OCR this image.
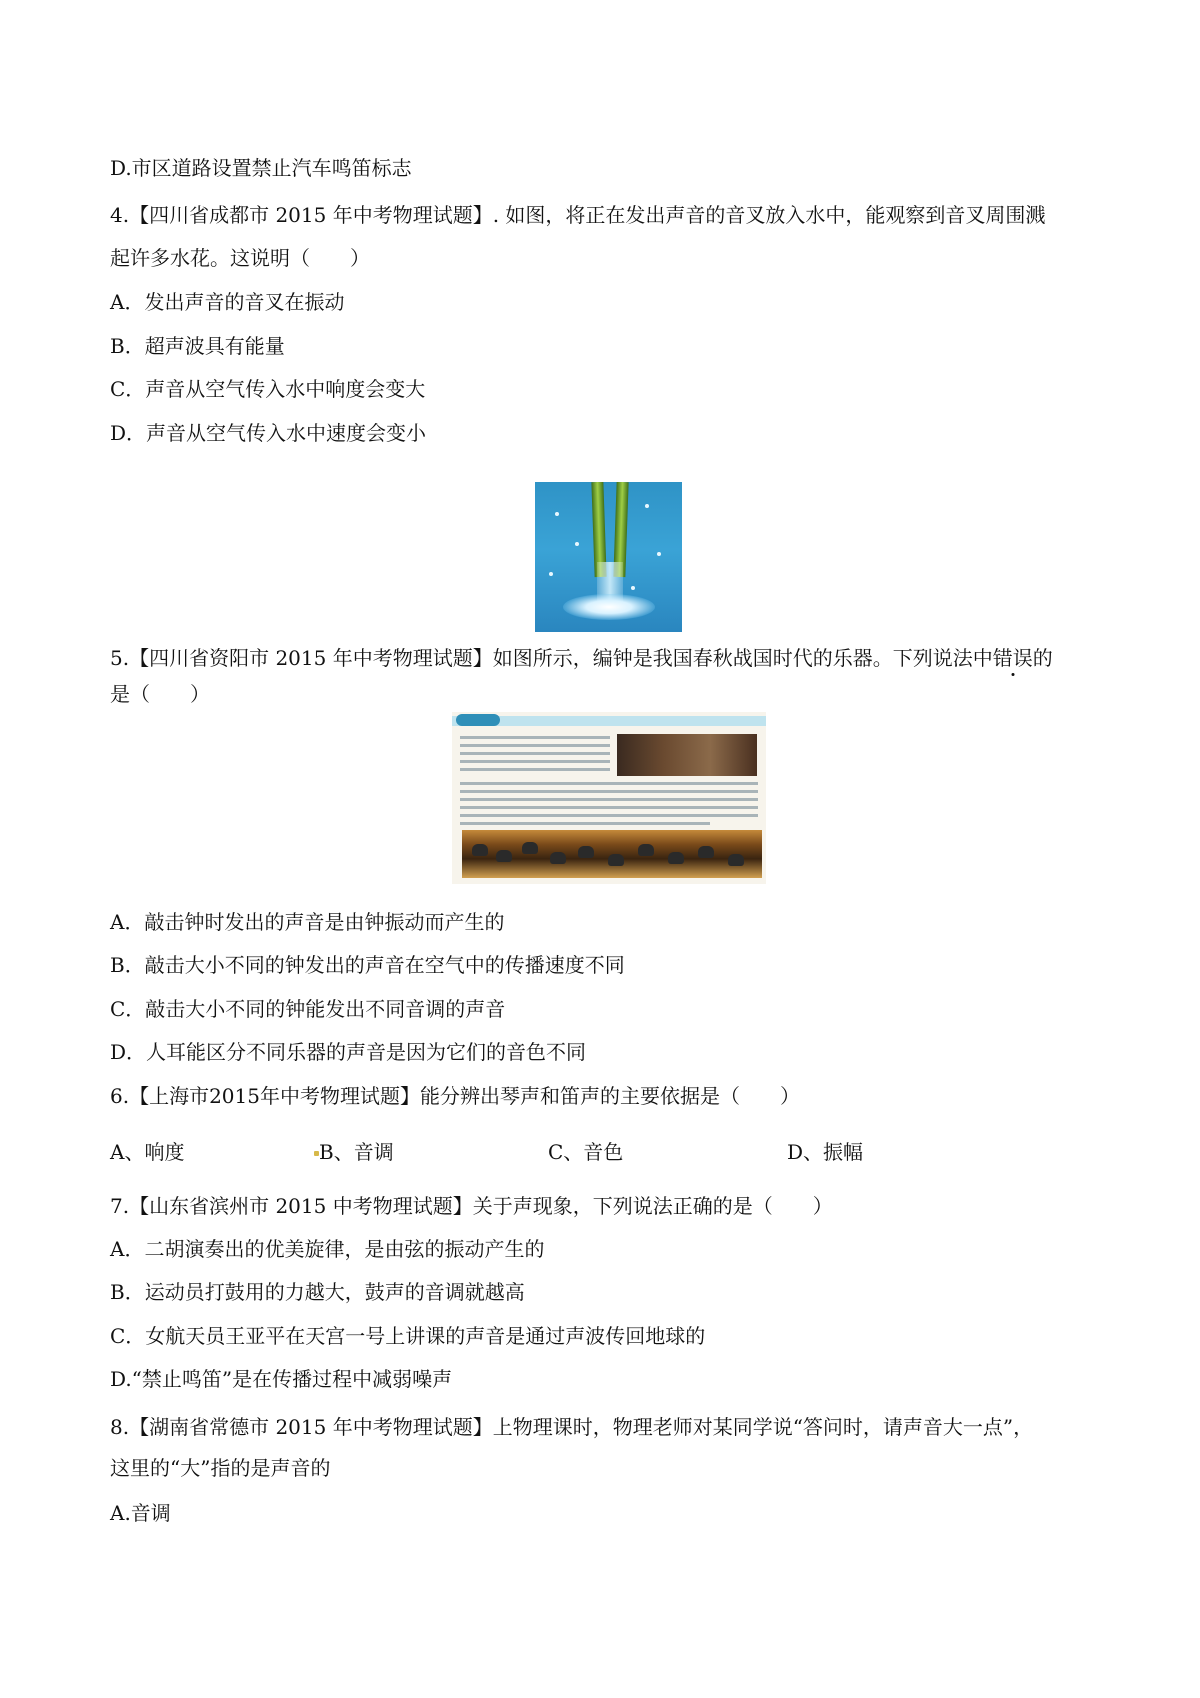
D.市区道路设置禁止汽车鸣笛标志
4.【四川省成都市 2015 年中考物理试题】. 如图，将正在发出声音的音叉放入水中，能观察到音叉周围溅
起许多水花。这说明（　　）
A．发出声音的音叉在振动
B．超声波具有能量
C．声音从空气传入水中响度会变大
D．声音从空气传入水中速度会变小
5.【四川省资阳市 2015 年中考物理试题】如图所示，编钟是我国春秋战国时代的乐器。下列说法中错误的
是（　　）
A．敲击钟时发出的声音是由钟振动而产生的
B．敲击大小不同的钟发出的声音在空气中的传播速度不同
C．敲击大小不同的钟能发出不同音调的声音
D．人耳能区分不同乐器的声音是因为它们的音色不同
6.【上海市2015年中考物理试题】能分辨出琴声和笛声的主要依据是（　　）
A、响度	B、音调	C、音色	D、振幅
7.【山东省滨州市 2015 中考物理试题】关于声现象，下列说法正确的是（　　）
A．二胡演奏出的优美旋律，是由弦的振动产生的
B．运动员打鼓用的力越大，鼓声的音调就越高
C．女航天员王亚平在天宫一号上讲课的声音是通过声波传回地球的
D.“禁止鸣笛”是在传播过程中减弱噪声
8.【湖南省常德市 2015 年中考物理试题】上物理课时，物理老师对某同学说“答问时，请声音大一点”，
这里的“大”指的是声音的
A.音调
